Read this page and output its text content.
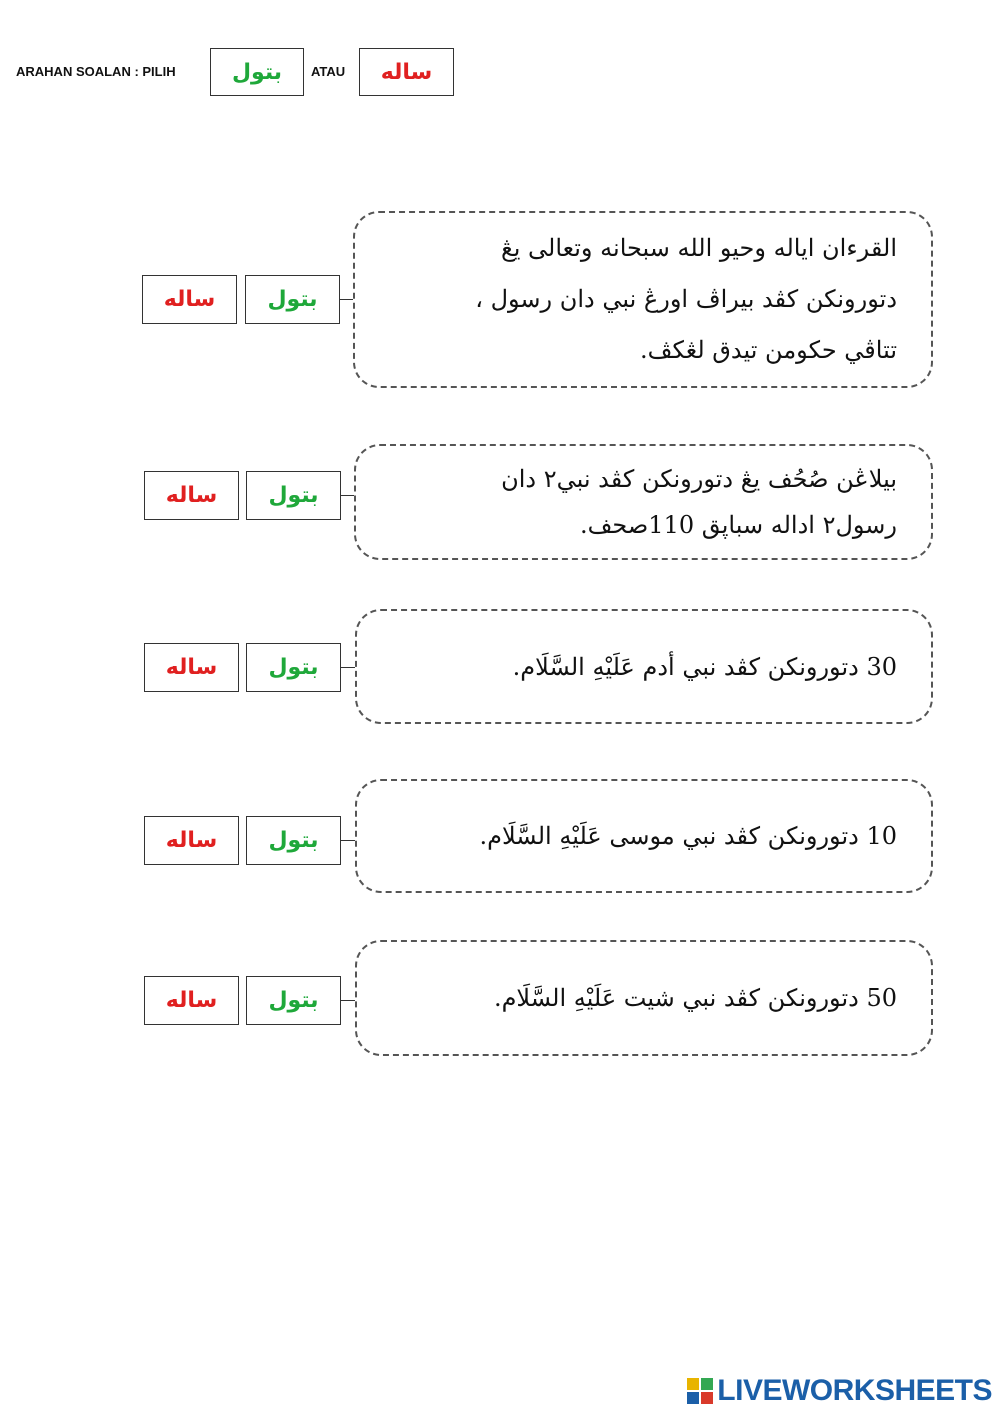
ARAHAN SOALAN : PILIH	بتول	ATAU	ساله
ساله	بتول
القرءان اياله وحيو الله سبحانه وتعالى يڠ
دتورونكن كڤد بيراڤ اورڠ نبي دان رسول ،
تتاڤي حكومن تيدق لڠكڤ.
ساله	بتول
بيلاڠن صُحُف يڠ دتورونكن كڤد نبي٢ دان
رسول٢ اداله سباپق 110صحف.
ساله	بتول	30 دتورونكن كڤد نبي أدم عَلَيْهِ السَّلَام.
ساله	بتول	10 دتورونكن كڤد نبي موسى عَلَيْهِ السَّلَام.
ساله	بتول	50 دتورونكن كڤد نبي شيت عَلَيْهِ السَّلَام.
LIVEWORKSHEETS
